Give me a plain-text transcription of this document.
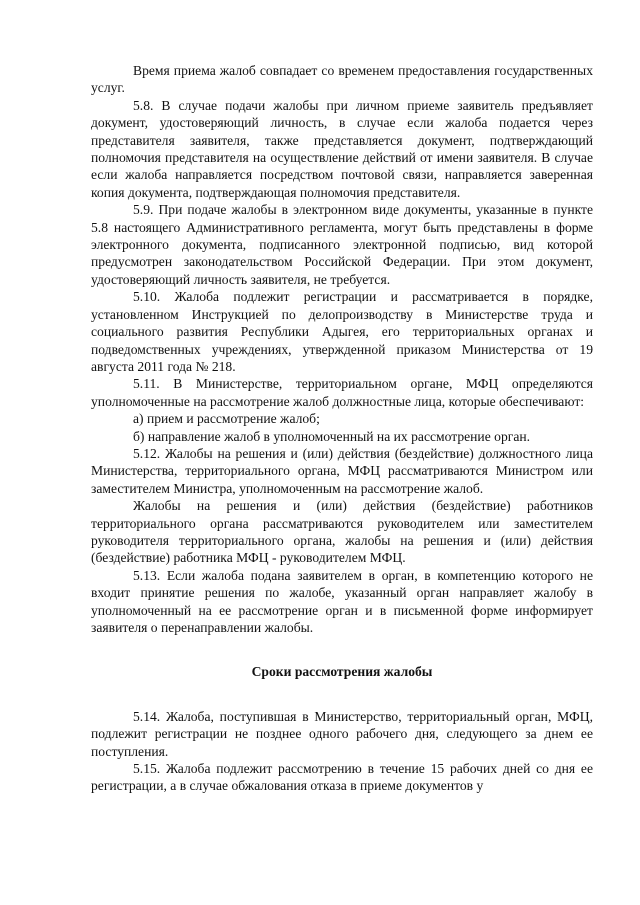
Время приема жалоб совпадает со временем предоставления государственных услуг.

5.8. В случае подачи жалобы при личном приеме заявитель предъявляет документ, удостоверяющий личность, в случае если жалоба подается через представителя заявителя, также представляется документ, подтверждающий полномочия представителя на осуществление действий от имени заявителя. В случае если жалоба направляется посредством почтовой связи, направляется заверенная копия документа, подтверждающая полномочия представителя.

5.9. При подаче жалобы в электронном виде документы, указанные в пункте 5.8 настоящего Административного регламента, могут быть представлены в форме электронного документа, подписанного электронной подписью, вид которой предусмотрен законодательством Российской Федерации. При этом документ, удостоверяющий личность заявителя, не требуется.

5.10. Жалоба подлежит регистрации и рассматривается в порядке, установленном Инструкцией по делопроизводству в Министерстве труда и социального развития Республики Адыгея, его территориальных органах и подведомственных учреждениях, утвержденной приказом Министерства от 19 августа 2011 года № 218.

5.11. В Министерстве, территориальном органе, МФЦ определяются уполномоченные на рассмотрение жалоб должностные лица, которые обеспечивают:

а) прием и рассмотрение жалоб;

б) направление жалоб в уполномоченный на их рассмотрение орган.

5.12. Жалобы на решения и (или) действия (бездействие) должностного лица Министерства, территориального органа, МФЦ рассматриваются Министром или заместителем Министра, уполномоченным на рассмотрение жалоб.

Жалобы на решения и (или) действия (бездействие) работников территориального органа рассматриваются руководителем или заместителем руководителя территориального органа, жалобы на решения и (или) действия (бездействие) работника МФЦ - руководителем МФЦ.

5.13. Если жалоба подана заявителем в орган, в компетенцию которого не входит принятие решения по жалобе, указанный орган направляет жалобу в уполномоченный на ее рассмотрение орган и в письменной форме информирует заявителя о перенаправлении жалобы.

Сроки рассмотрения жалобы

5.14. Жалоба, поступившая в Министерство, территориальный орган, МФЦ, подлежит регистрации не позднее одного рабочего дня, следующего за днем ее поступления.

5.15. Жалоба подлежит рассмотрению в течение 15 рабочих дней со дня ее регистрации, а в случае обжалования отказа в приеме документов у
